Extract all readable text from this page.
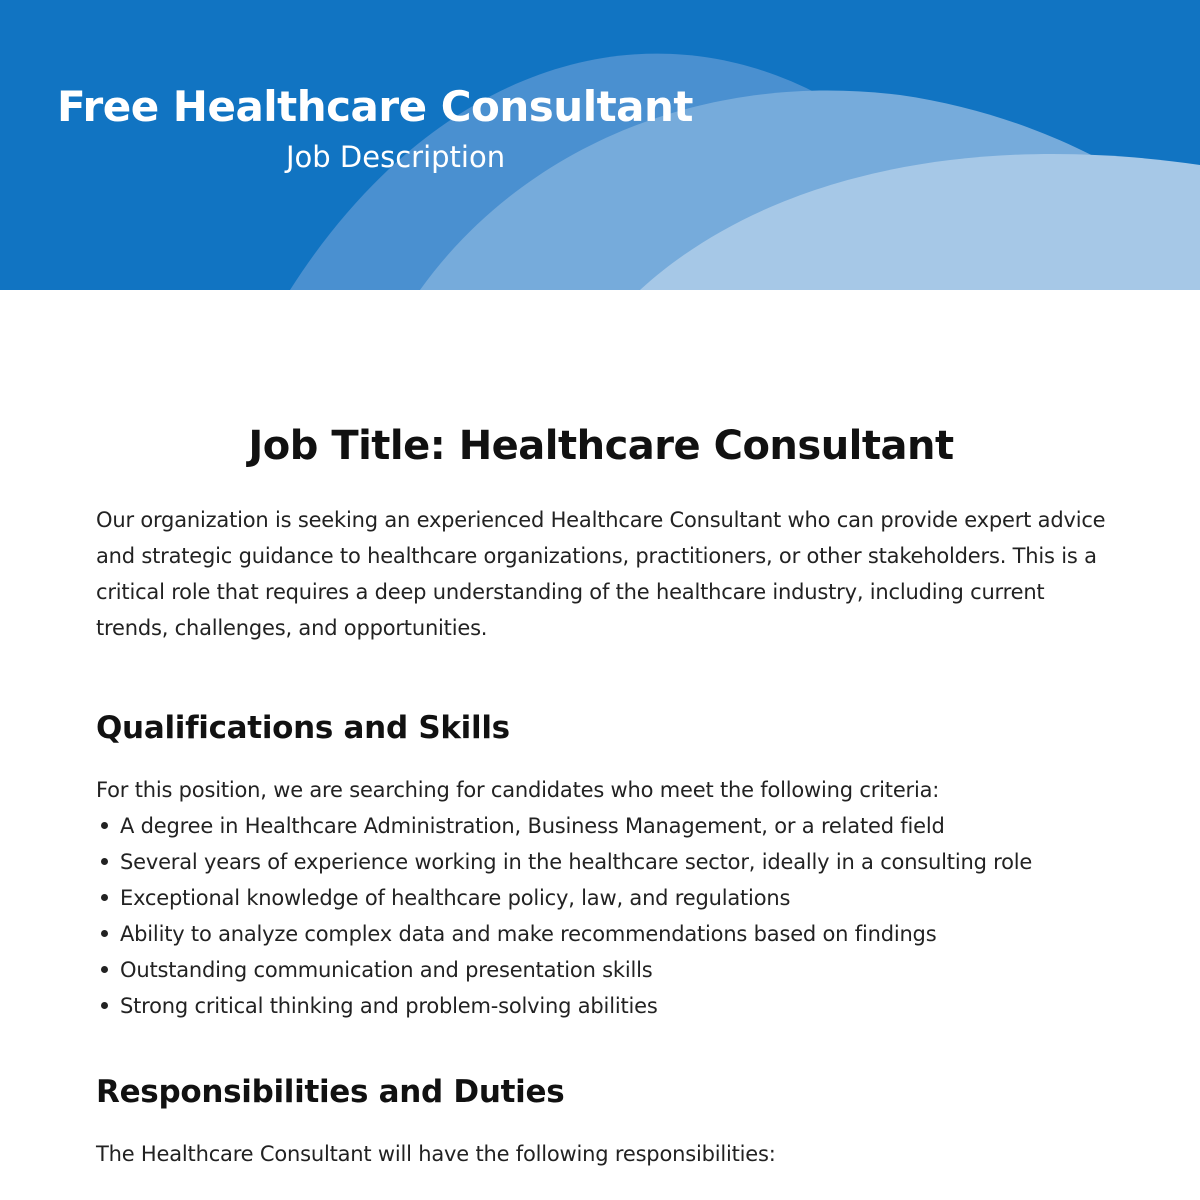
Free Healthcare Consultant

Job Description

Job Title: Healthcare Consultant

Our organization is seeking an experienced Healthcare Consultant who can provide expert advice and strategic guidance to healthcare organizations, practitioners, or other stakeholders. This is a critical role that requires a deep understanding of the healthcare industry, including current trends, challenges, and opportunities.

Qualifications and Skills

For this position, we are searching for candidates who meet the following criteria:

A degree in Healthcare Administration, Business Management, or a related field
Several years of experience working in the healthcare sector, ideally in a consulting role
Exceptional knowledge of healthcare policy, law, and regulations
Ability to analyze complex data and make recommendations based on findings
Outstanding communication and presentation skills
Strong critical thinking and problem-solving abilities
Responsibilities and Duties

The Healthcare Consultant will have the following responsibilities:
